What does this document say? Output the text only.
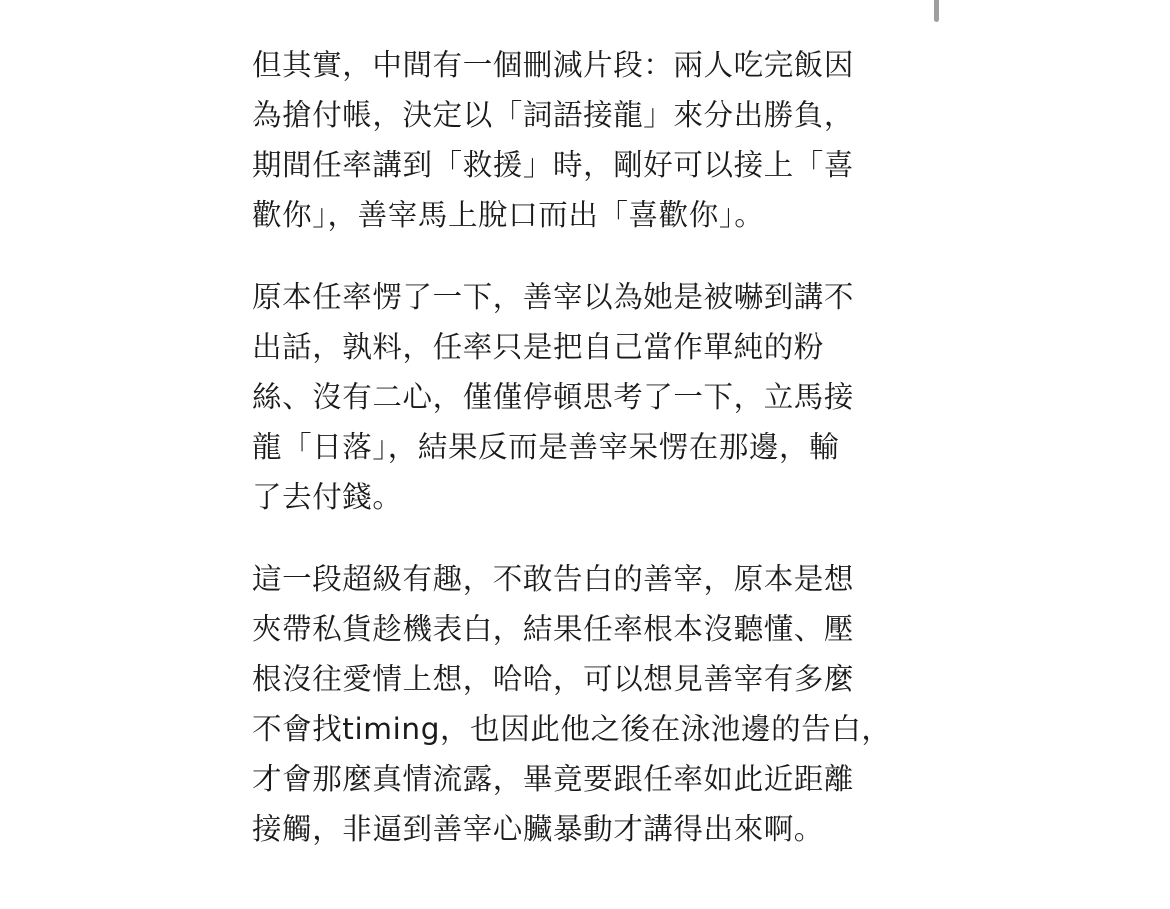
但其實，中間有一個刪減片段：兩人吃完飯因
為搶付帳，決定以「詞語接龍」來分出勝負，
期間任率講到「救援」時，剛好可以接上「喜
歡你」，善宰馬上脫口而出「喜歡你」。

原本任率愣了一下，善宰以為她是被嚇到講不
出話，孰料，任率只是把自己當作單純的粉
絲、沒有二心，僅僅停頓思考了一下，立馬接
龍「日落」，結果反而是善宰呆愣在那邊，輸
了去付錢。

這一段超級有趣，不敢告白的善宰，原本是想
夾帶私貨趁機表白，結果任率根本沒聽懂、壓
根沒往愛情上想，哈哈，可以想見善宰有多麼
不會找timing，也因此他之後在泳池邊的告白，
才會那麼真情流露，畢竟要跟任率如此近距離
接觸，非逼到善宰心臟暴動才講得出來啊。
